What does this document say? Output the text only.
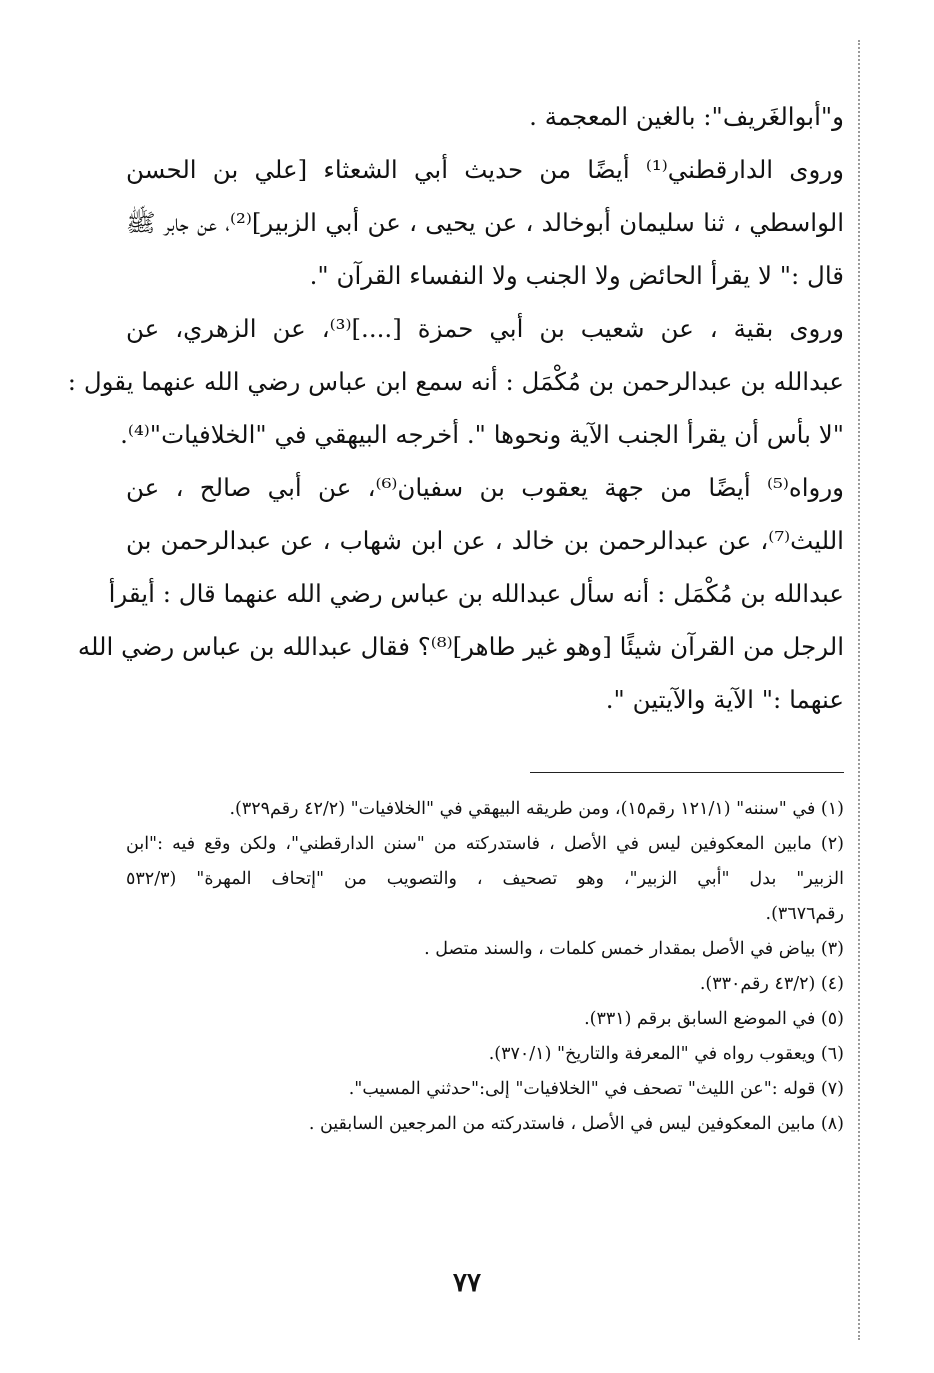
و"أبوالغَريف": بالغين المعجمة .
وروى الدارقطني⁽¹⁾ أيضًا من حديث أبي الشعثاء [علي بن الحسن
الواسطي ، ثنا سليمان أبوخالد ، عن يحيى ، عن أبي الزبير]⁽²⁾، عن جابر ﷺ
قال :" لا يقرأ الحائض ولا الجنب ولا النفساء القرآن ".
وروى بقية ، عن شعيب بن أبي حمزة [....]⁽³⁾، عن الزهري، عن
عبدالله بن عبدالرحمن بن مُكْمَل : أنه سمع ابن عباس رضي الله عنهما يقول :
"لا بأس أن يقرأ الجنب الآية ونحوها ". أخرجه البيهقي في "الخلافيات"⁽⁴⁾.
ورواه⁽⁵⁾ أيضًا من جهة يعقوب بن سفيان⁽⁶⁾، عن أبي صالح ، عن
الليث⁽⁷⁾، عن عبدالرحمن بن خالد ، عن ابن شهاب ، عن عبدالرحمن بن
عبدالله بن مُكْمَل : أنه سأل عبدالله بن عباس رضي الله عنهما قال : أيقرأ
الرجل من القرآن شيئًا [وهو غير طاهر]⁽⁸⁾؟ فقال عبدالله بن عباس رضي الله
عنهما :" الآية والآيتين ".
(١) في "سننه" (١٢١/١ رقم١٥)، ومن طريقه البيهقي في "الخلافيات" (٤٢/٢ رقم٣٢٩).
(٢) مابين المعكوفين ليس في الأصل ، فاستدركته من "سنن الدارقطني"، ولكن وقع فيه :"ابن
الزبير" بدل "أبي الزبير"، وهو تصحيف ، والتصويب من "إتحاف المهرة" (٥٣٢/٣
رقم٣٦٧٦).
(٣) بياض في الأصل بمقدار خمس كلمات ، والسند متصل .
(٤) (٤٣/٢ رقم٣٣٠).
(٥) في الموضع السابق برقم (٣٣١).
(٦) ويعقوب رواه في "المعرفة والتاريخ" (٣٧٠/١).
(٧) قوله :"عن الليث" تصحف في "الخلافيات" إلى:"حدثني المسيب".
(٨) مابين المعكوفين ليس في الأصل ، فاستدركته من المرجعين السابقين .
٧٧
